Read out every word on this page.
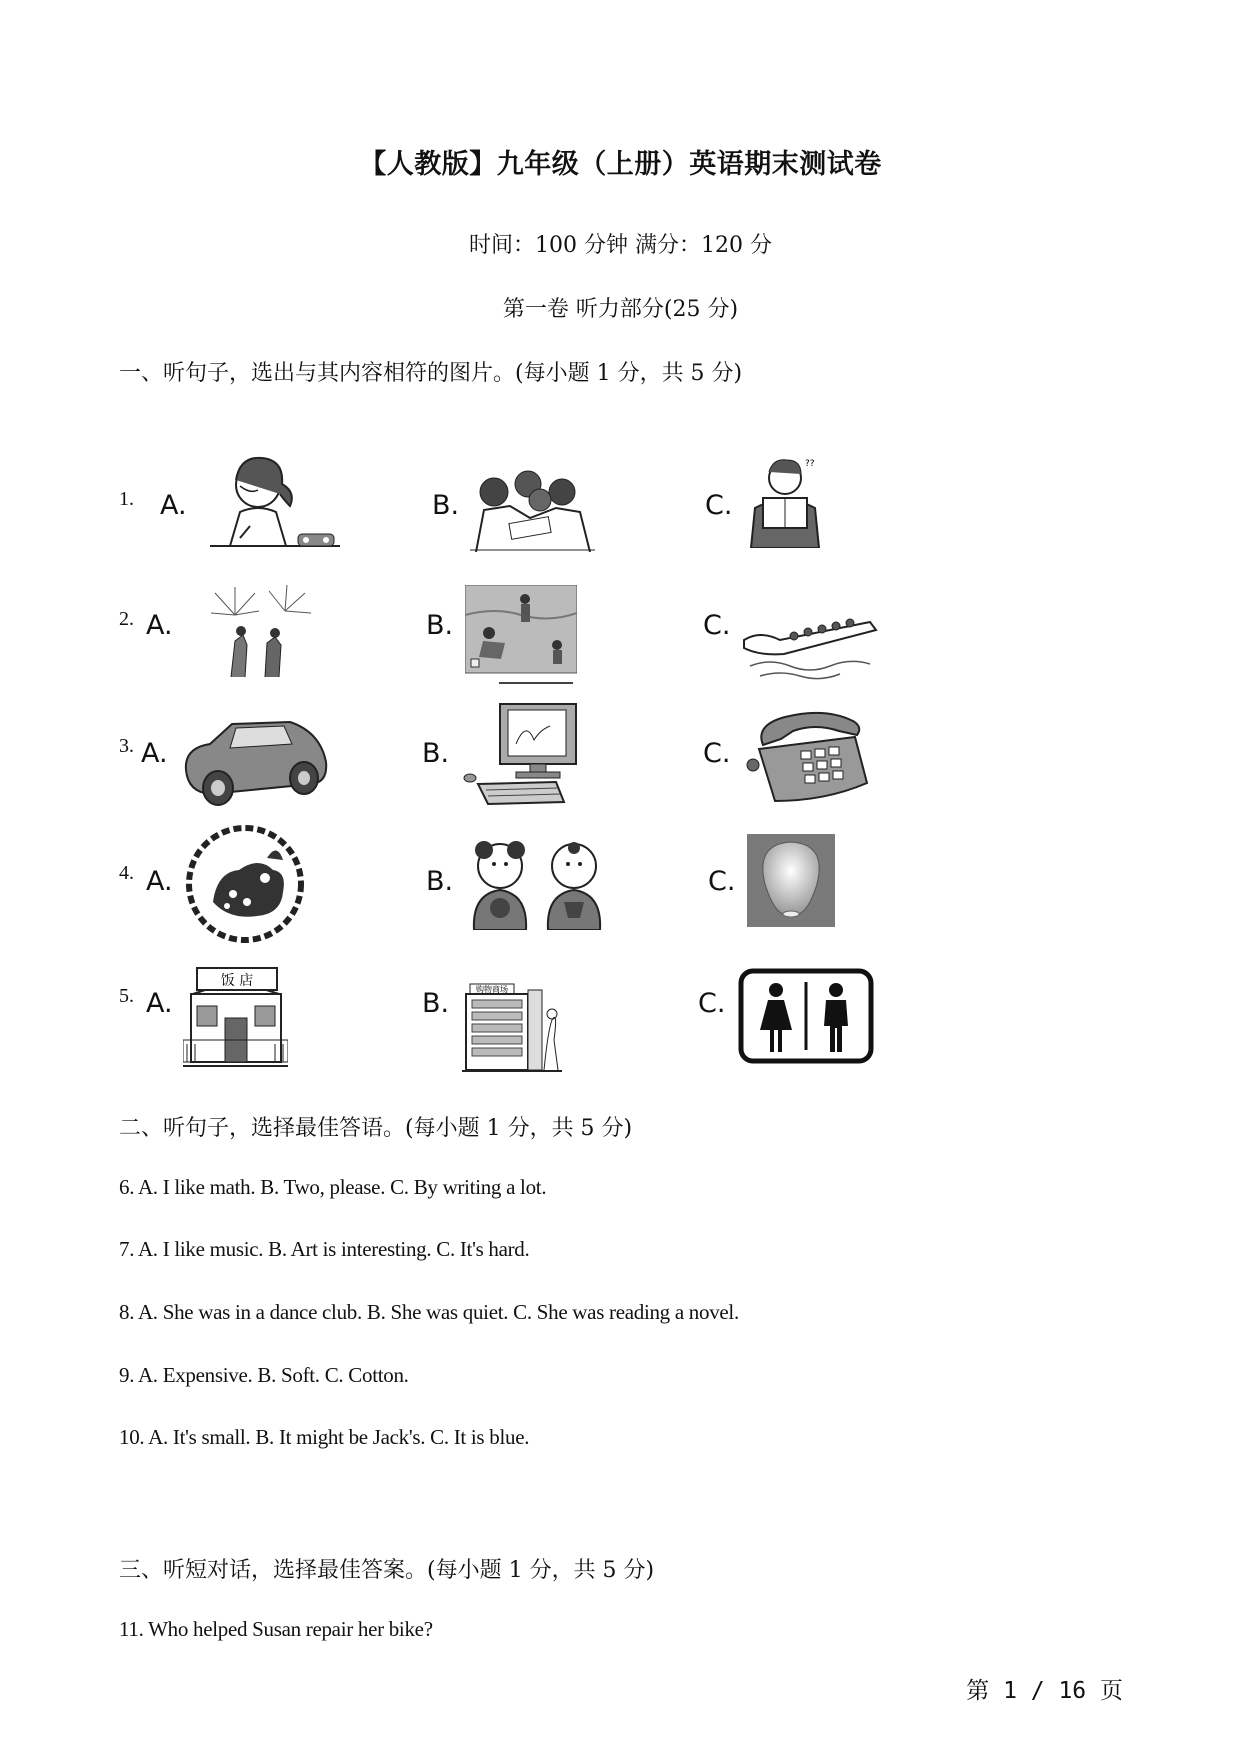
【人教版】九年级（上册）英语期末测试卷
时间：100 分钟 满分：120 分
第一卷 听力部分(25 分)
一、听句子，选出与其内容相符的图片。(每小题 1 分，共 5 分)
1. A.	B.	C.
??
2. A.	B.	C.
3. A.	B.	C.
4. A.	B.	C.
5. A.
饭 店
B.	购物商场	C.
二、听句子，选择最佳答语。(每小题 1 分，共 5 分)
6. A. I like math. B. Two, please. C. By writing a lot.
7. A. I like music. B. Art is interesting. C. It's hard.
8. A. She was in a dance club. B. She was quiet. C. She was reading a novel.
9. A. Expensive. B. Soft. C. Cotton.
10. A. It's small. B. It might be Jack's. C. It is blue.
三、听短对话，选择最佳答案。(每小题 1 分，共 5 分)
11. Who helped Susan repair her bike?
第 1 / 16 页
